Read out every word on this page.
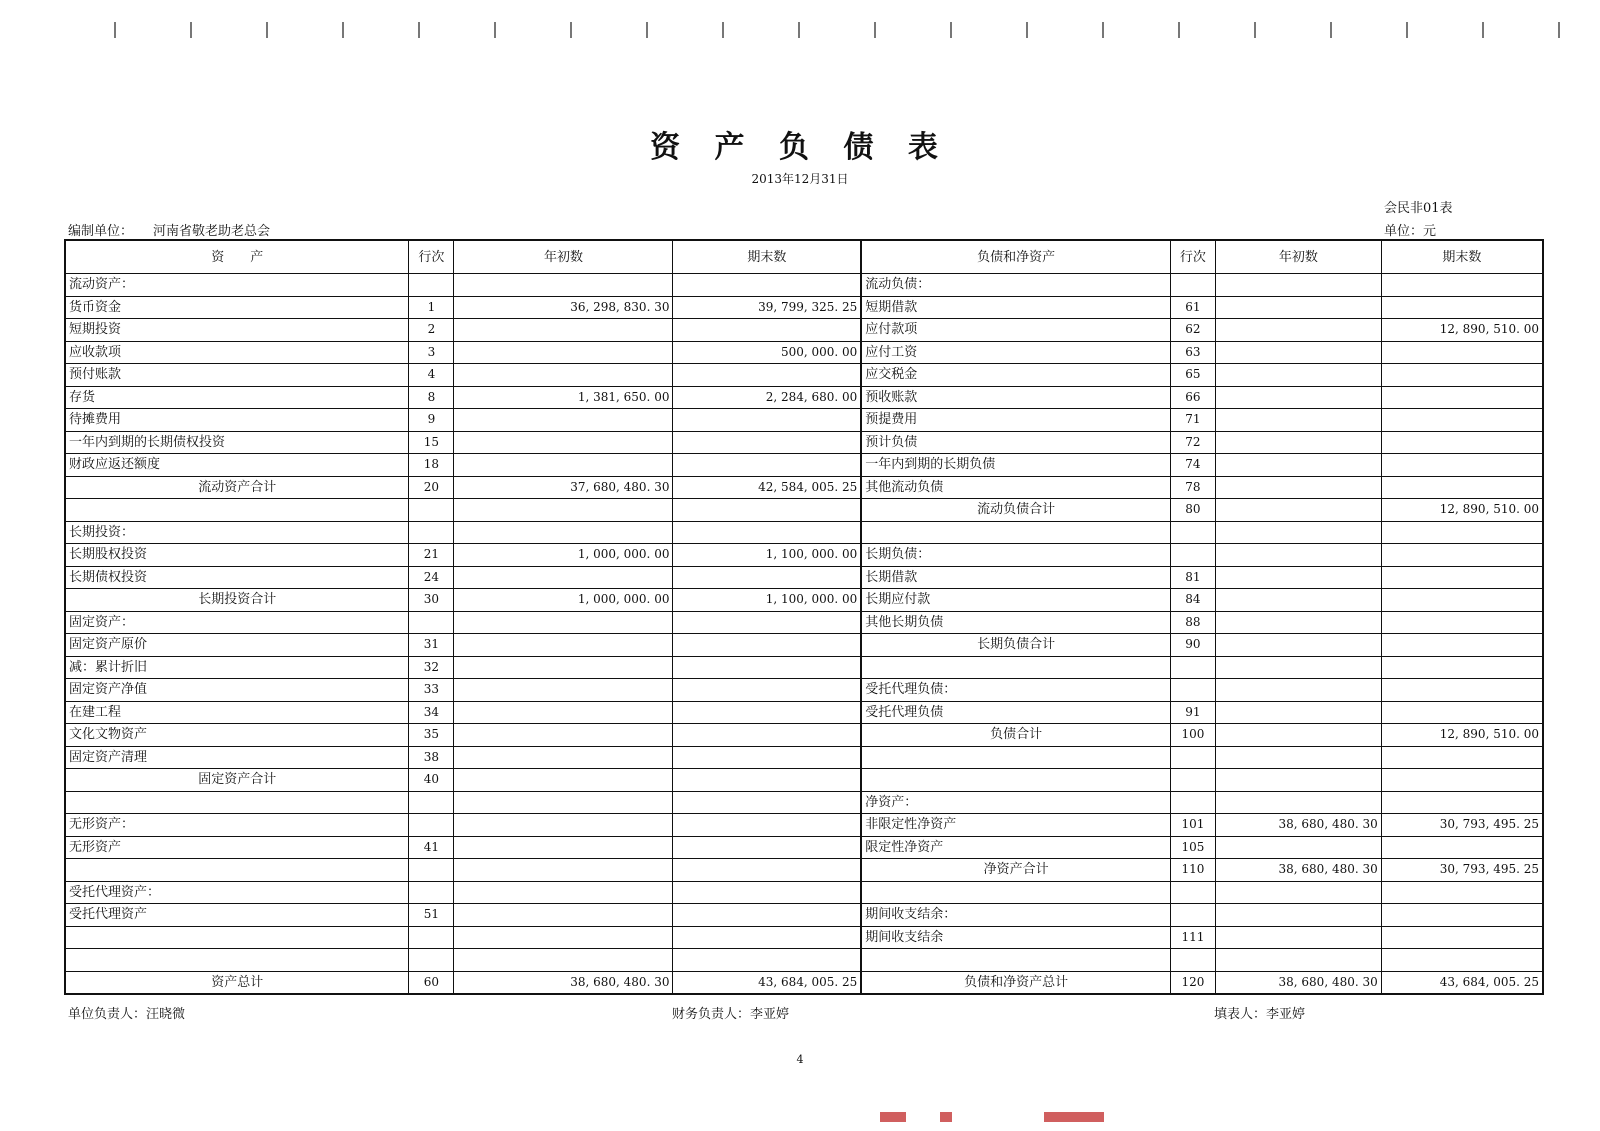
资 产 负 债 表
2013年12月31日
会民非01表
单位：元
编制单位： 河南省敬老助老总会
资　　产	行次	年初数	期末数	负债和净资产	行次	年初数	期末数
流动资产：				流动负债：			
货币资金	1	36, 298, 830. 30	39, 799, 325. 25	短期借款	61		
短期投资	2			应付款项	62		12, 890, 510. 00
应收款项	3		500, 000. 00	应付工资	63		
预付账款	4			应交税金	65		
存货	8	1, 381, 650. 00	2, 284, 680. 00	预收账款	66		
待摊费用	9			预提费用	71		
一年内到期的长期债权投资	15			预计负债	72		
财政应返还额度	18			一年内到期的长期负债	74		
流动资产合计	20	37, 680, 480. 30	42, 584, 005. 25	其他流动负债	78		
				流动负债合计	80		12, 890, 510. 00
长期投资：							
长期股权投资	21	1, 000, 000. 00	1, 100, 000. 00	长期负债：			
长期债权投资	24			长期借款	81		
长期投资合计	30	1, 000, 000. 00	1, 100, 000. 00	长期应付款	84		
固定资产：				其他长期负债	88		
固定资产原价	31			长期负债合计	90		
减：累计折旧	32						
固定资产净值	33			受托代理负债：			
在建工程	34			受托代理负债	91		
文化文物资产	35			负债合计	100		12, 890, 510. 00
固定资产清理	38						
固定资产合计	40						
				净资产：			
无形资产：				非限定性净资产	101	38, 680, 480. 30	30, 793, 495. 25
无形资产	41			限定性净资产	105		
				净资产合计	110	38, 680, 480. 30	30, 793, 495. 25
受托代理资产：							
受托代理资产	51			期间收支结余：			
				期间收支结余	111		

资产总计	60	38, 680, 480. 30	43, 684, 005. 25	负债和净资产总计	120	38, 680, 480. 30	43, 684, 005. 25
单位负责人：汪晓微	财务负责人：李亚婷	填表人：李亚婷
4
